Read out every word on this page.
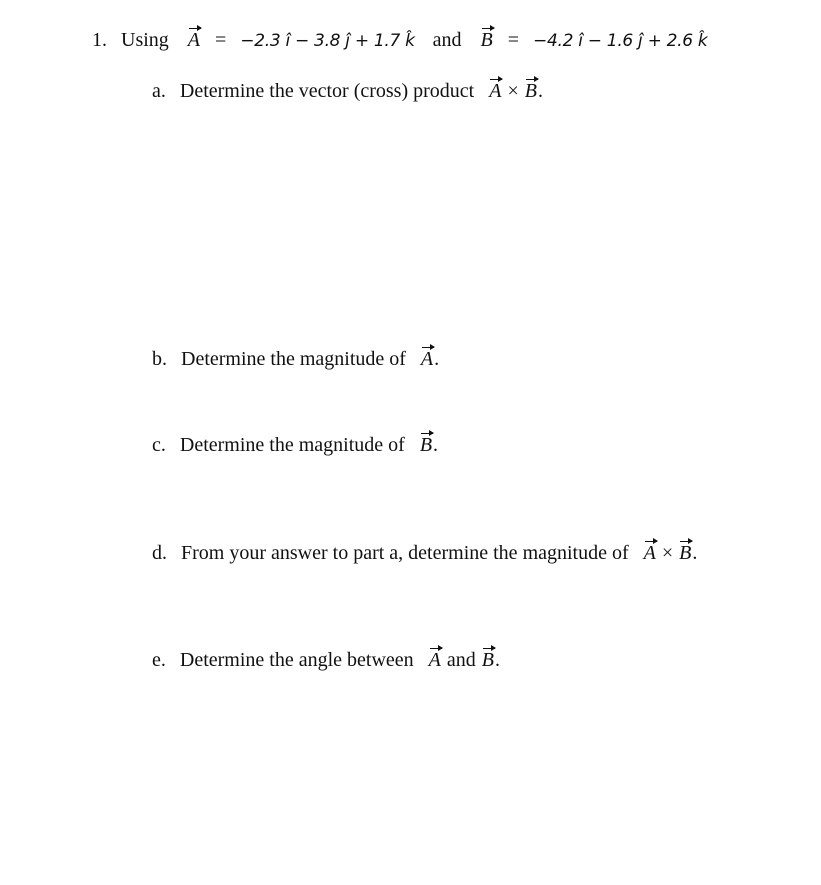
1. Using A = −2.3 î − 3.8 ĵ + 1.7 k̂ and B = −4.2 î − 1.6 ĵ + 2.6 k̂
a. Determine the vector (cross) product A × B.
b. Determine the magnitude of A.
c. Determine the magnitude of B.
d. From your answer to part a, determine the magnitude of A × B.
e. Determine the angle between A and B.
